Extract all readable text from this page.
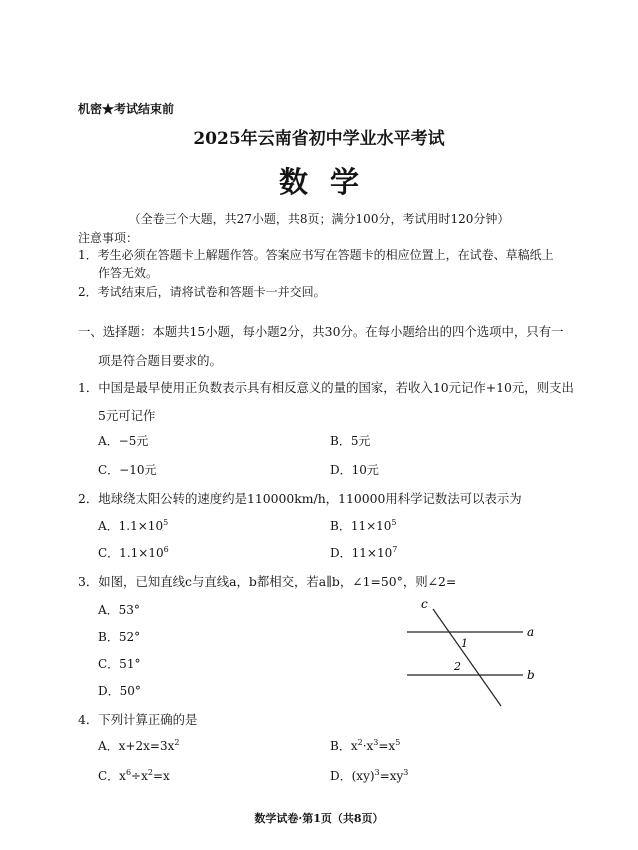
机密★考试结束前
2025年云南省初中学业水平考试
数学
（全卷三个大题，共27小题，共8页；满分100分，考试用时120分钟）
注意事项：
1．考生必须在答题卡上解题作答。答案应书写在答题卡的相应位置上，在试卷、草稿纸上
作答无效。
2．考试结束后，请将试卷和答题卡一并交回。
一、选择题：本题共15小题，每小题2分，共30分。在每小题给出的四个选项中，只有一
项是符合题目要求的。
1．中国是最早使用正负数表示具有相反意义的量的国家，若收入10元记作+10元，则支出
5元可记作
A．−5元	B．5元
C．−10元	D．10元
2．地球绕太阳公转的速度约是110000km/h，110000用科学记数法可以表示为
A．$1.1\times 10^5$	B．$11\times 10^5$
C．$1.1\times 10^6$	D．$11\times 10^7$
3．如图，已知直线c与直线a，b都相交，若a∥b，∠1=50°，则∠2=
A．53°
B．52°
C．51°
D．50°
c
a
b
1
2
4．下列计算正确的是
A．$x+2x=3x^2$	B．$x^2\cdot x^3=x^5$
C．$x^6\div x^2=x$	D．$(xy)^3=xy^3$
数学试卷·第1页（共8页）
